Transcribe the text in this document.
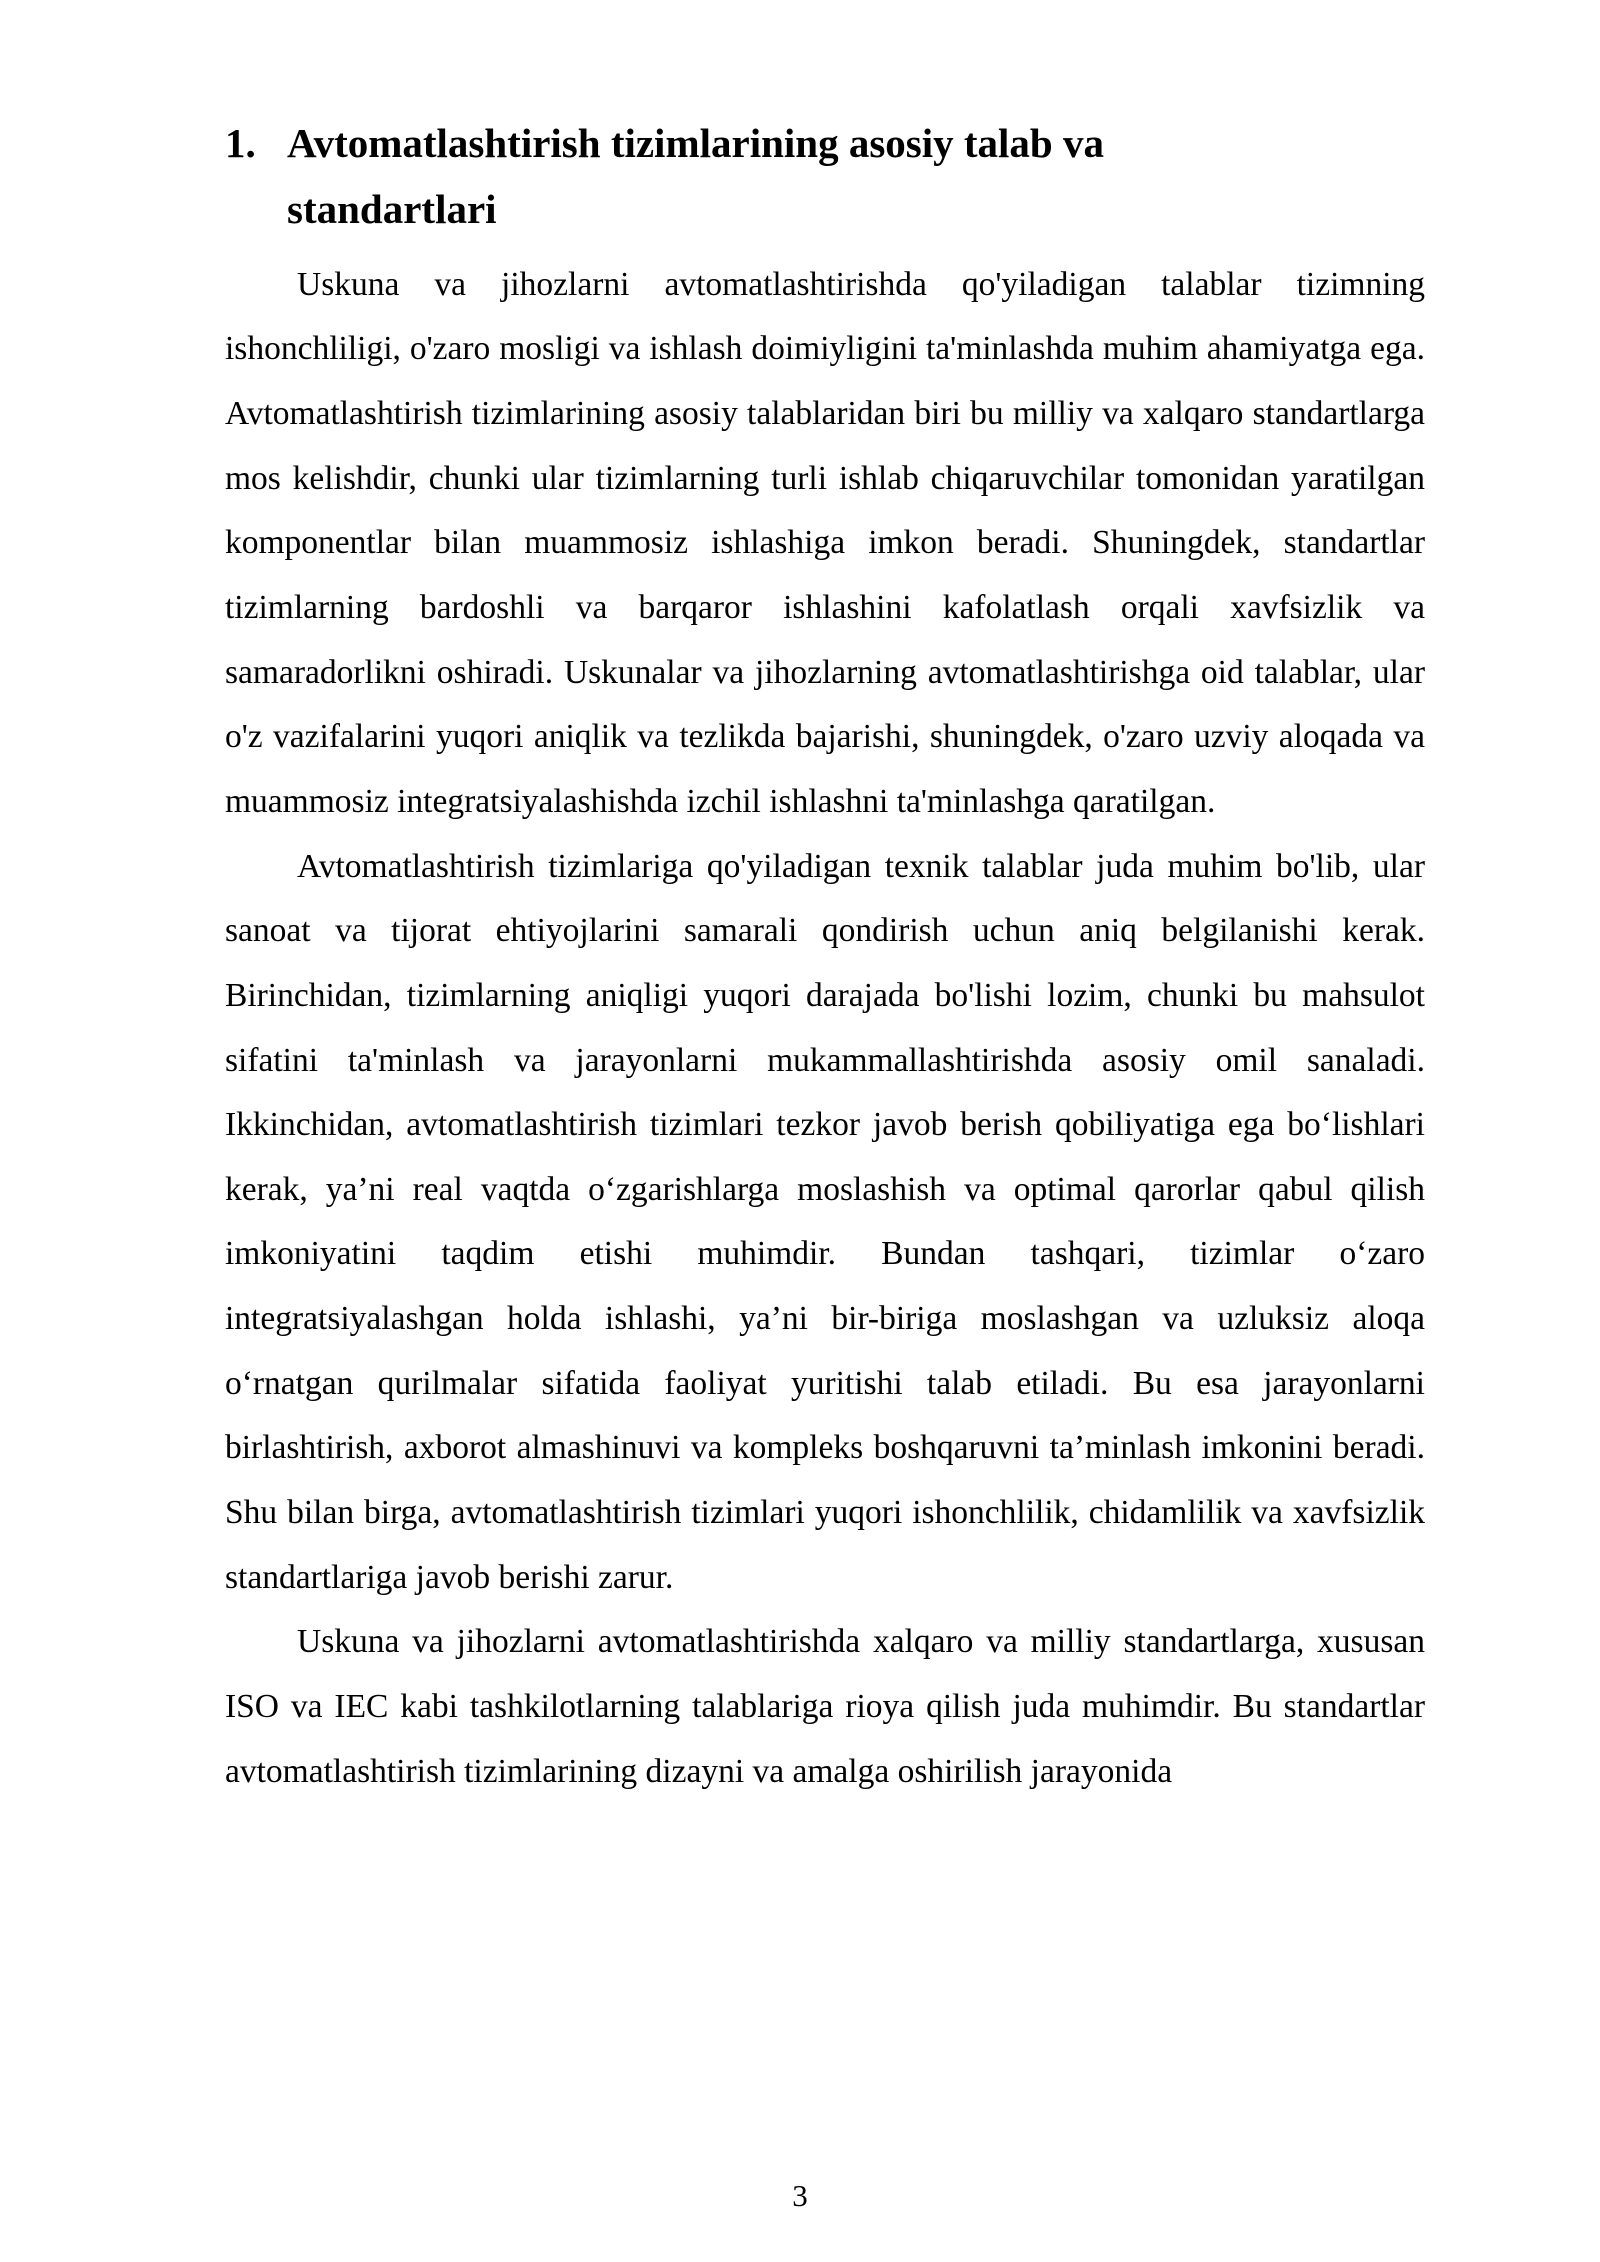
1. Avtomatlashtirish tizimlarining asosiy talab va standartlari

Uskuna va jihozlarni avtomatlashtirishda qo'yiladigan talablar tizimning ishonchliligi, o'zaro mosligi va ishlash doimiyligini ta'minlashda muhim ahamiyatga ega. Avtomatlashtirish tizimlarining asosiy talablaridan biri bu milliy va xalqaro standartlarga mos kelishdir, chunki ular tizimlarning turli ishlab chiqaruvchilar tomonidan yaratilgan komponentlar bilan muammosiz ishlashiga imkon beradi. Shuningdek, standartlar tizimlarning bardoshli va barqaror ishlashini kafolatlash orqali xavfsizlik va samaradorlikni oshiradi. Uskunalar va jihozlarning avtomatlashtirishga oid talablar, ular o'z vazifalarini yuqori aniqlik va tezlikda bajarishi, shuningdek, o'zaro uzviy aloqada va muammosiz integratsiyalashishda izchil ishlashni ta'minlashga qaratilgan.

Avtomatlashtirish tizimlariga qo'yiladigan texnik talablar juda muhim bo'lib, ular sanoat va tijorat ehtiyojlarini samarali qondirish uchun aniq belgilanishi kerak. Birinchidan, tizimlarning aniqligi yuqori darajada bo'lishi lozim, chunki bu mahsulot sifatini ta'minlash va jarayonlarni mukammallashtirishda asosiy omil sanaladi. Ikkinchidan, avtomatlashtirish tizimlari tezkor javob berish qobiliyatiga ega bo‘lishlari kerak, ya’ni real vaqtda o‘zgarishlarga moslashish va optimal qarorlar qabul qilish imkoniyatini taqdim etishi muhimdir. Bundan tashqari, tizimlar o‘zaro integratsiyalashgan holda ishlashi, ya’ni bir-biriga moslashgan va uzluksiz aloqa o‘rnatgan qurilmalar sifatida faoliyat yuritishi talab etiladi. Bu esa jarayonlarni birlashtirish, axborot almashinuvi va kompleks boshqaruvni ta’minlash imkonini beradi. Shu bilan birga, avtomatlashtirish tizimlari yuqori ishonchlilik, chidamlilik va xavfsizlik standartlariga javob berishi zarur.

Uskuna va jihozlarni avtomatlashtirishda xalqaro va milliy standartlarga, xususan ISO va IEC kabi tashkilotlarning talablariga rioya qilish juda muhimdir. Bu standartlar avtomatlashtirish tizimlarining dizayni va amalga oshirilish jarayonida

3
